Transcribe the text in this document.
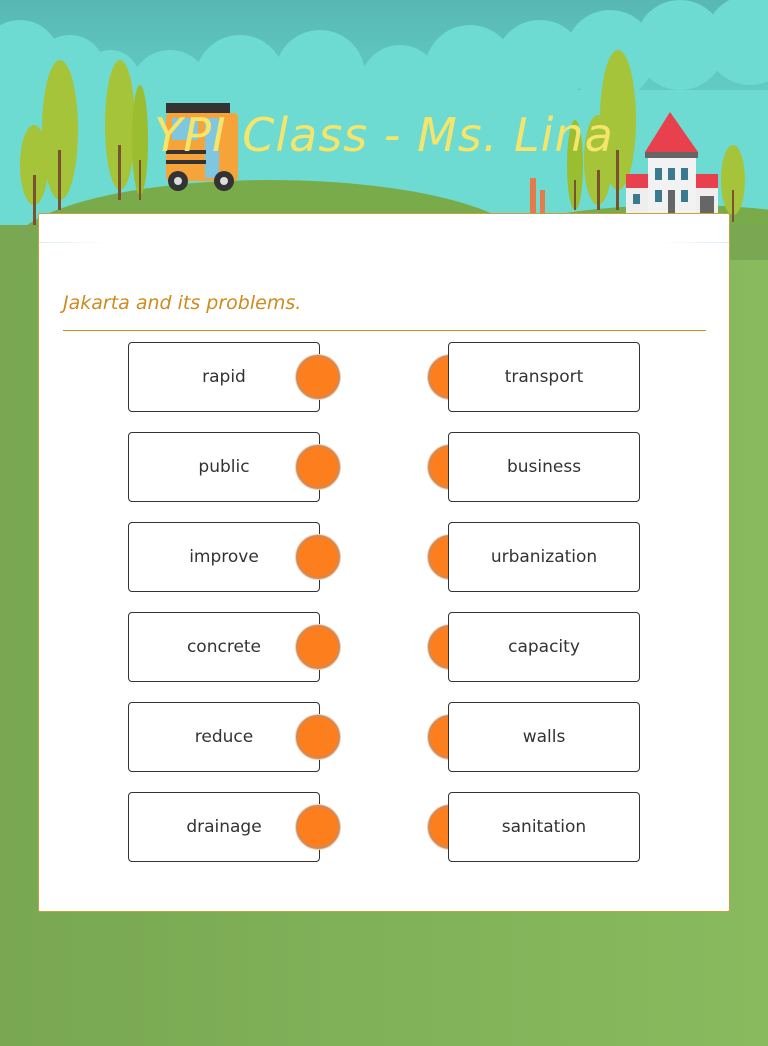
YPI Class - Ms. Lina
Jakarta and its problems.
rapid	transport
public	business
improve	urbanization
concrete	capacity
reduce	walls
drainage	sanitation
